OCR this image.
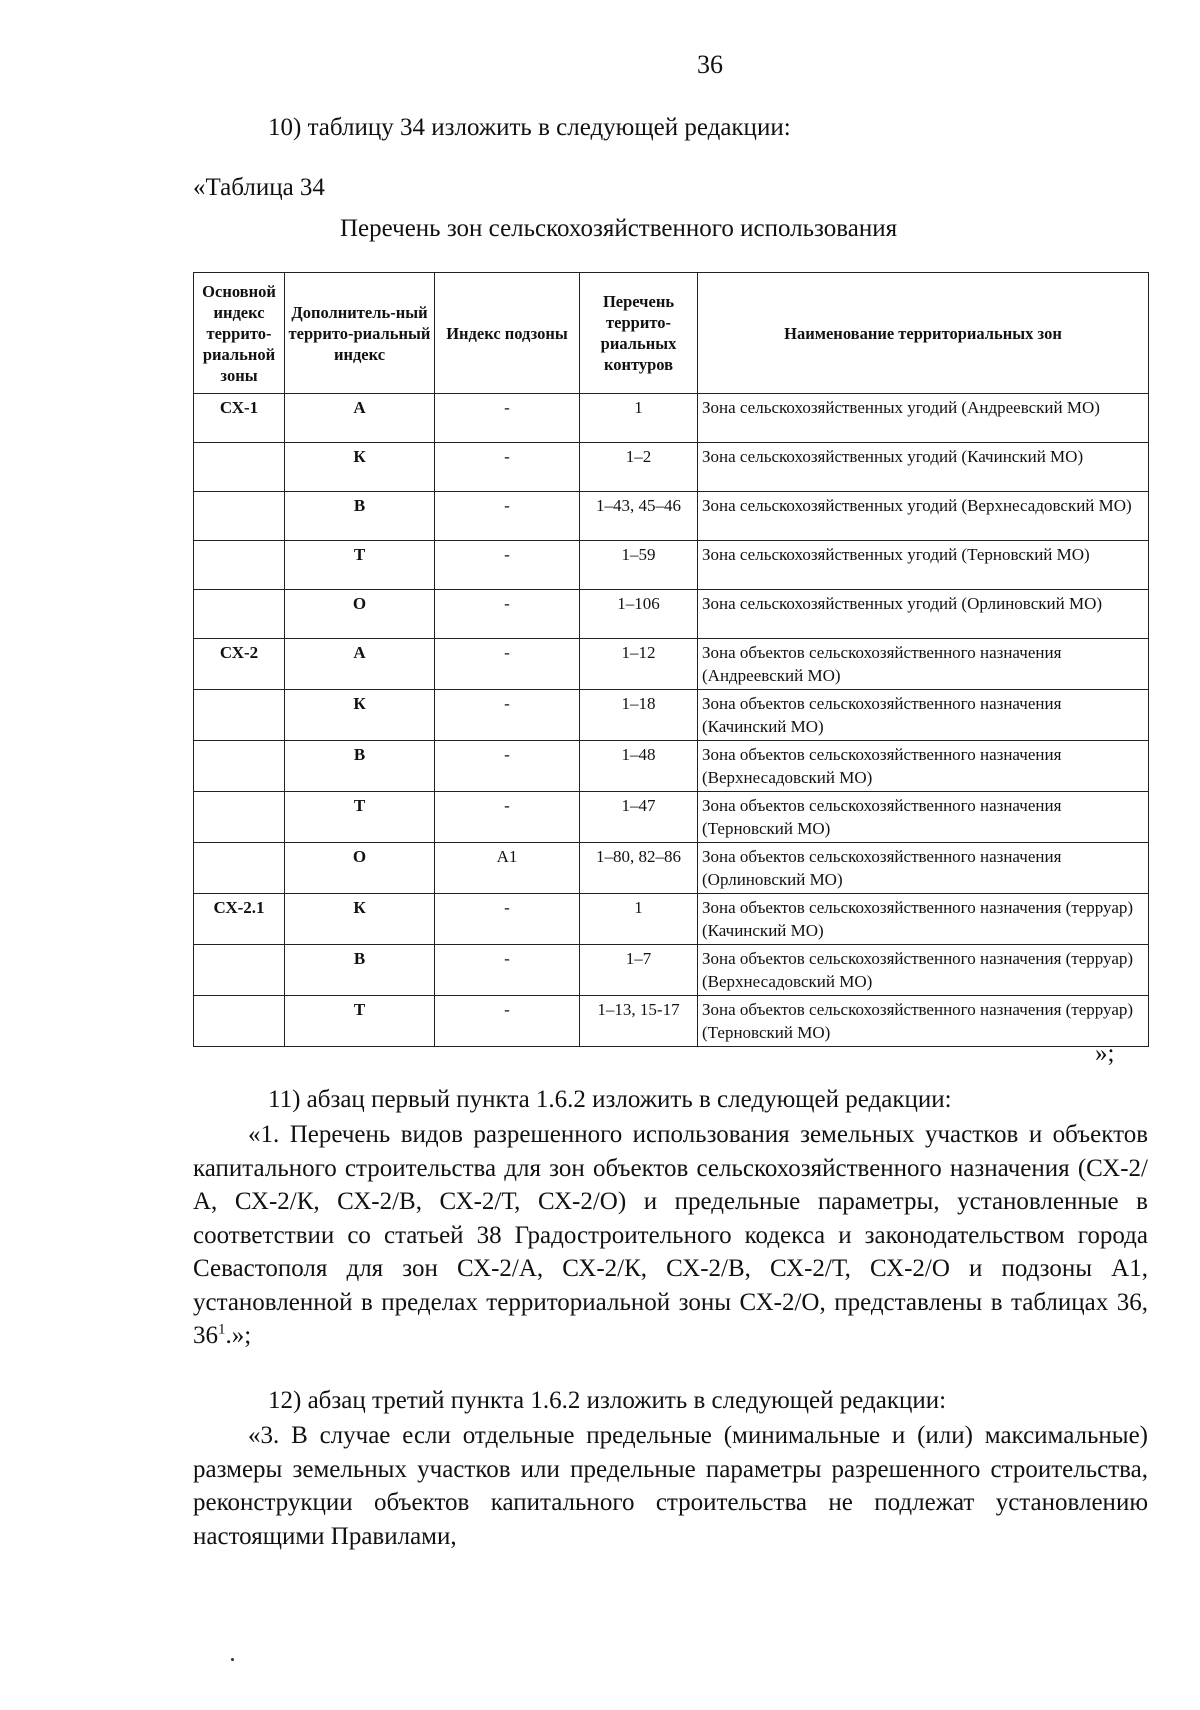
36

10) таблицу 34 изложить в следующей редакции:

«Таблица 34

Перечень зон сельскохозяйственного использования

Основной индекс террито-риальной зоны	Дополнитель-ный террито-риальный индекс	Индекс подзоны	Перечень террито-риальных контуров	Наименование территориальных зон
СХ-1	А	-	1	Зона сельскохозяйственных угодий (Андреевский МО)
	К	-	1–2	Зона сельскохозяйственных угодий (Качинский МО)
	В	-	1–43, 45–46	Зона сельскохозяйственных угодий (Верхнесадовский МО)
	Т	-	1–59	Зона сельскохозяйственных угодий (Терновский МО)
	О	-	1–106	Зона сельскохозяйственных угодий (Орлиновский МО)
СХ-2	А	-	1–12	Зона объектов сельскохозяйственного назначения (Андреевский МО)
	К	-	1–18	Зона объектов сельскохозяйственного назначения (Качинский МО)
	В	-	1–48	Зона объектов сельскохозяйственного назначения (Верхнесадовский МО)
	Т	-	1–47	Зона объектов сельскохозяйственного назначения (Терновский МО)
	О	А1	1–80, 82–86	Зона объектов сельскохозяйственного назначения (Орлиновский МО)
СХ-2.1	К	-	1	Зона объектов сельскохозяйственного назначения (терруар) (Качинский МО)
	В	-	1–7	Зона объектов сельскохозяйственного назначения (терруар) (Верхнесадовский МО)
	Т	-	1–13, 15-17	Зона объектов сельскохозяйственного назначения (терруар) (Терновский МО)
»;

11) абзац первый пункта 1.6.2 изложить в следующей редакции:

«1. Перечень видов разрешенного использования земельных участков и объектов капитального строительства для зон объектов сельскохозяйственного назначения (СХ-2/А, СХ-2/К, СХ-2/В, СХ-2/Т, СХ-2/О) и предельные параметры, установленные в соответствии со статьей 38 Градостроительного кодекса и законодательством города Севастополя для зон СХ-2/А, СХ-2/К, СХ-2/В, СХ-2/Т, СХ-2/О и подзоны А1, установленной в пределах территориальной зоны СХ-2/О, представлены в таблицах 36, $36^1$.»;

12) абзац третий пункта 1.6.2 изложить в следующей редакции:

«3. В случае если отдельные предельные (минимальные и (или) максимальные) размеры земельных участков или предельные параметры разрешенного строительства, реконструкции объектов капитального строительства не подлежат установлению настоящими Правилами,
